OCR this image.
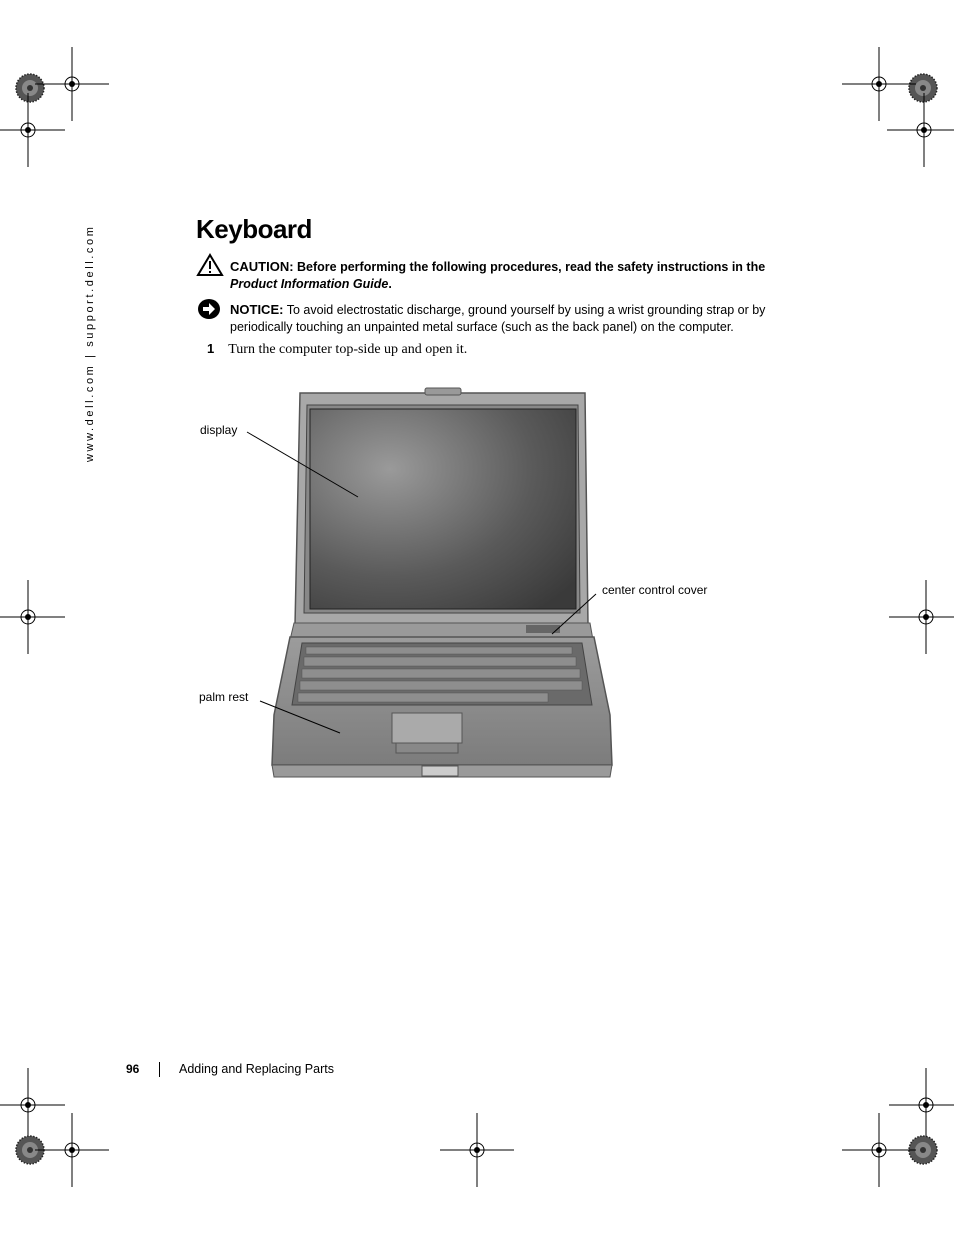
www.dell.com | support.dell.com	Keyboard
CAUTION: Before performing the following procedures, read the safety instructions in the Product Information Guide.
NOTICE: To avoid electrostatic discharge, ground yourself by using a wrist grounding strap or by periodically touching an unpainted metal surface (such as the back panel) on the computer.
1 Turn the computer top-side up and open it.
display
center control cover
palm rest
96	Adding and Replacing Parts
